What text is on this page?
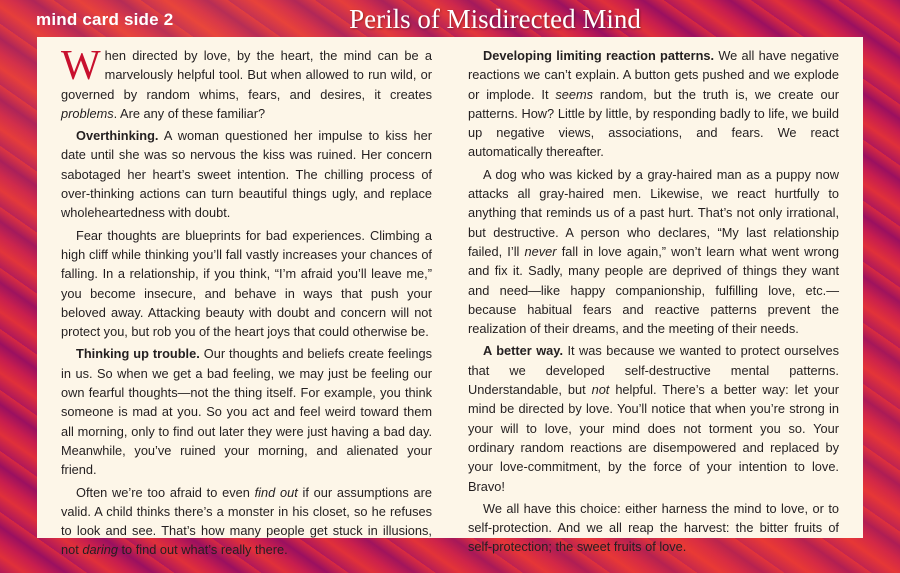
mind card side 2	Perils of Misdirected Mind

When directed by love, by the heart, the mind can be a marvelously helpful tool. But when allowed to run wild, or governed by random whims, fears, and desires, it creates problems. Are any of these familiar?

Overthinking. A woman questioned her impulse to kiss her date until she was so nervous the kiss was ruined. Her concern sabotaged her heart’s sweet intention. The chilling process of over-thinking actions can turn beautiful things ugly, and replace wholeheartedness with doubt.

Fear thoughts are blueprints for bad experiences. Climbing a high cliff while thinking you’ll fall vastly increases your chances of falling. In a relationship, if you think, “I’m afraid you’ll leave me,” you become insecure, and behave in ways that push your beloved away. Attacking beauty with doubt and concern will not protect you, but rob you of the heart joys that could otherwise be.

Thinking up trouble. Our thoughts and beliefs create feelings in us. So when we get a bad feeling, we may just be feeling our own fearful thoughts—not the thing itself. For example, you think someone is mad at you. So you act and feel weird toward them all morning, only to find out later they were just having a bad day. Meanwhile, you’ve ruined your morning, and alienated your friend.

Often we’re too afraid to even find out if our assumptions are valid. A child thinks there’s a monster in his closet, so he refuses to look and see. That’s how many people get stuck in illusions, not daring to find out what’s really there.

Developing limiting reaction patterns. We all have negative reactions we can’t explain. A button gets pushed and we explode or implode. It seems random, but the truth is, we create our patterns. How? Little by little, by responding badly to life, we build up negative views, associations, and fears. We react automatically thereafter.

A dog who was kicked by a gray-haired man as a puppy now attacks all gray-haired men. Likewise, we react hurtfully to anything that reminds us of a past hurt. That’s not only irrational, but destructive. A person who declares, “My last relationship failed, I’ll never fall in love again,” won’t learn what went wrong and fix it. Sadly, many people are deprived of things they want and need—like happy companionship, fulfilling love, etc.—because habitual fears and reactive patterns prevent the realization of their dreams, and the meeting of their needs.

A better way. It was because we wanted to protect ourselves that we developed self-destructive mental patterns. Understandable, but not helpful. There’s a better way: let your mind be directed by love. You’ll notice that when you’re strong in your will to love, your mind does not torment you so. Your ordinary random reactions are disempowered and replaced by your love-commitment, by the force of your intention to love. Bravo!

We all have this choice: either harness the mind to love, or to self-protection. And we all reap the harvest: the bitter fruits of self-protection; the sweet fruits of love.
